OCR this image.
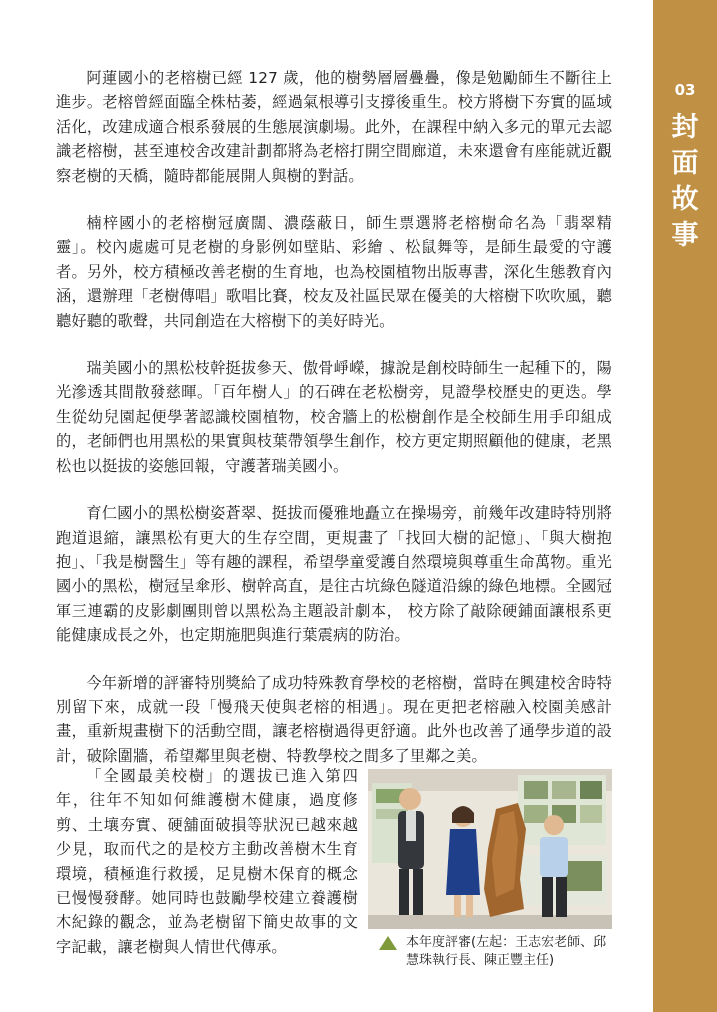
阿蓮國小的老榕樹已經 127 歲，他的樹勢層層疊疊，像是勉勵師生不斷往上進步。老榕曾經面臨全株枯萎，經過氣根導引支撐後重生。校方將樹下夯實的區域活化，改建成適合根系發展的生態展演劇場。此外，在課程中納入多元的單元去認識老榕樹，甚至連校舍改建計劃都將為老榕打開空間廊道，未來還會有座能就近觀察老樹的天橋，隨時都能展開人與樹的對話。

楠梓國小的老榕樹冠廣闊、濃蔭蔽日，師生票選將老榕樹命名為「翡翠精靈」。校內處處可見老樹的身影例如壁貼、彩繪 、松鼠舞等，是師生最愛的守護者。另外，校方積極改善老樹的生育地，也為校園植物出版專書，深化生態教育內涵，還辦理「老樹傳唱」歌唱比賽，校友及社區民眾在優美的大榕樹下吹吹風，聽聽好聽的歌聲，共同創造在大榕樹下的美好時光。

瑞美國小的黑松枝幹挺拔參天、傲骨崢嶸，據說是創校時師生一起種下的，陽光滲透其間散發慈暉。「百年樹人」的石碑在老松樹旁，見證學校歷史的更迭。學生從幼兒園起便學著認識校園植物，校舍牆上的松樹創作是全校師生用手印組成的，老師們也用黑松的果實與枝葉帶領學生創作，校方更定期照顧他的健康，老黑松也以挺拔的姿態回報，守護著瑞美國小。

育仁國小的黑松樹姿蒼翠、挺拔而優雅地矗立在操場旁，前幾年改建時特別將跑道退縮，讓黑松有更大的生存空間，更規畫了「找回大樹的記憶」、「與大樹抱抱」、「我是樹醫生」等有趣的課程，希望學童愛護自然環境與尊重生命萬物。重光國小的黑松，樹冠呈傘形、樹幹高直，是往古坑綠色隧道沿線的綠色地標。全國冠軍三連霸的皮影劇團則曾以黑松為主題設計劇本， 校方除了敲除硬鋪面讓根系更能健康成長之外，也定期施肥與進行葉震病的防治。

今年新增的評審特別獎給了成功特殊教育學校的老榕樹，當時在興建校舍時特別留下來，成就一段「慢飛天使與老榕的相遇」。現在更把老榕融入校園美感計畫，重新規畫樹下的活動空間，讓老榕樹過得更舒適。此外也改善了通學步道的設計，破除圍牆，希望鄰里與老樹、特教學校之間多了里鄰之美。

「全國最美校樹」的選拔已進入第四年，往年不知如何維護樹木健康，過度修剪、土壤夯實、硬舖面破損等狀況已越來越少見，取而代之的是校方主動改善樹木生育環境，積極進行救援，足見樹木保育的概念已慢慢發酵。她同時也鼓勵學校建立養護樹木紀錄的觀念，並為老樹留下簡史故事的文字記載，讓老樹與人情世代傳承。	本年度評審(左起：王志宏老師、邱慧珠執行長、陳正豐主任)
03
封
面
故
事
